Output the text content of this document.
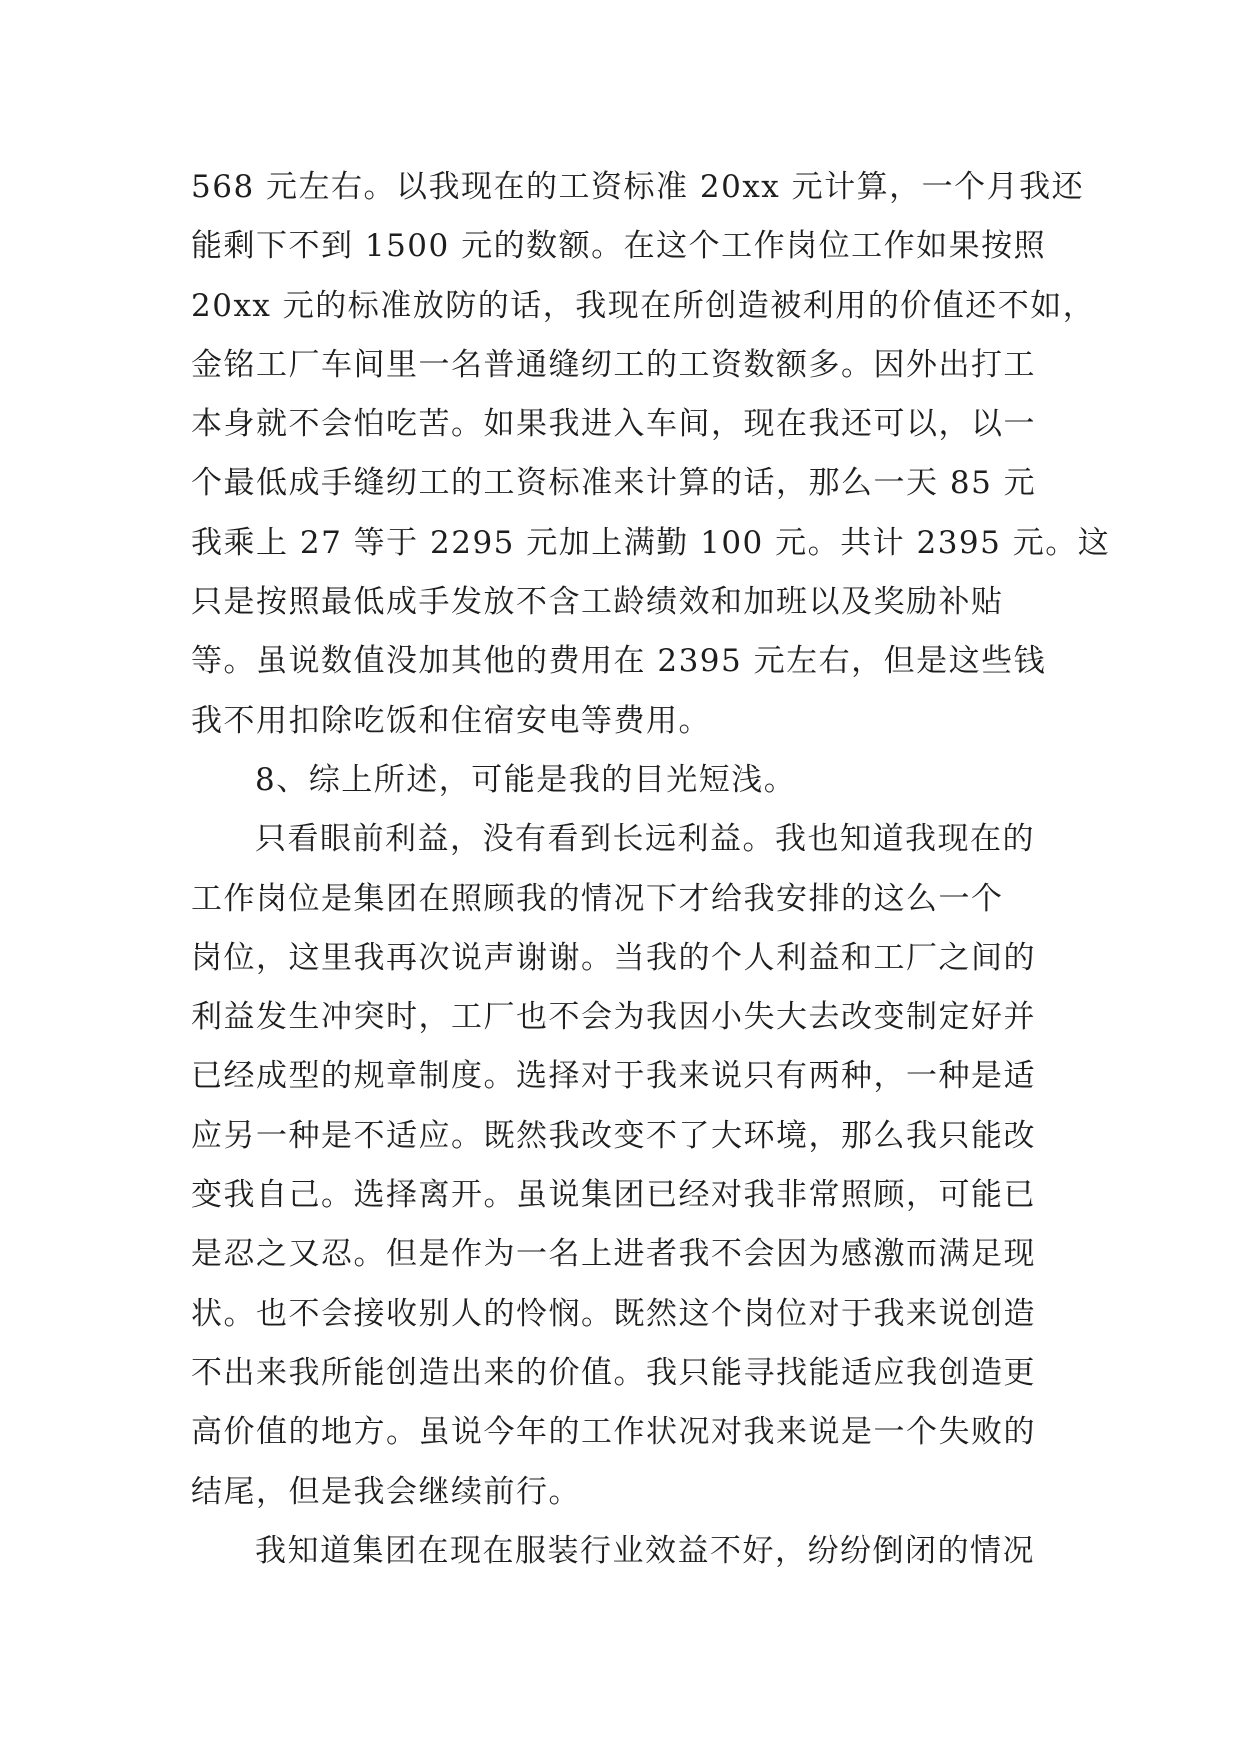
568 元左右。以我现在的工资标准 20xx 元计算，一个月我还
能剩下不到 1500 元的数额。在这个工作岗位工作如果按照
20xx 元的标准放防的话，我现在所创造被利用的价值还不如，
金铭工厂车间里一名普通缝纫工的工资数额多。因外出打工
本身就不会怕吃苦。如果我进入车间，现在我还可以，以一
个最低成手缝纫工的工资标准来计算的话，那么一天 85 元
我乘上 27 等于 2295 元加上满勤 100 元。共计 2395 元。这
只是按照最低成手发放不含工龄绩效和加班以及奖励补贴
等。虽说数值没加其他的费用在 2395 元左右，但是这些钱
我不用扣除吃饭和住宿安电等费用。
8、综上所述，可能是我的目光短浅。
只看眼前利益，没有看到长远利益。我也知道我现在的
工作岗位是集团在照顾我的情况下才给我安排的这么一个
岗位，这里我再次说声谢谢。当我的个人利益和工厂之间的
利益发生冲突时，工厂也不会为我因小失大去改变制定好并
已经成型的规章制度。选择对于我来说只有两种，一种是适
应另一种是不适应。既然我改变不了大环境，那么我只能改
变我自己。选择离开。虽说集团已经对我非常照顾，可能已
是忍之又忍。但是作为一名上进者我不会因为感激而满足现
状。也不会接收别人的怜悯。既然这个岗位对于我来说创造
不出来我所能创造出来的价值。我只能寻找能适应我创造更
高价值的地方。虽说今年的工作状况对我来说是一个失败的
结尾，但是我会继续前行。
我知道集团在现在服装行业效益不好，纷纷倒闭的情况
